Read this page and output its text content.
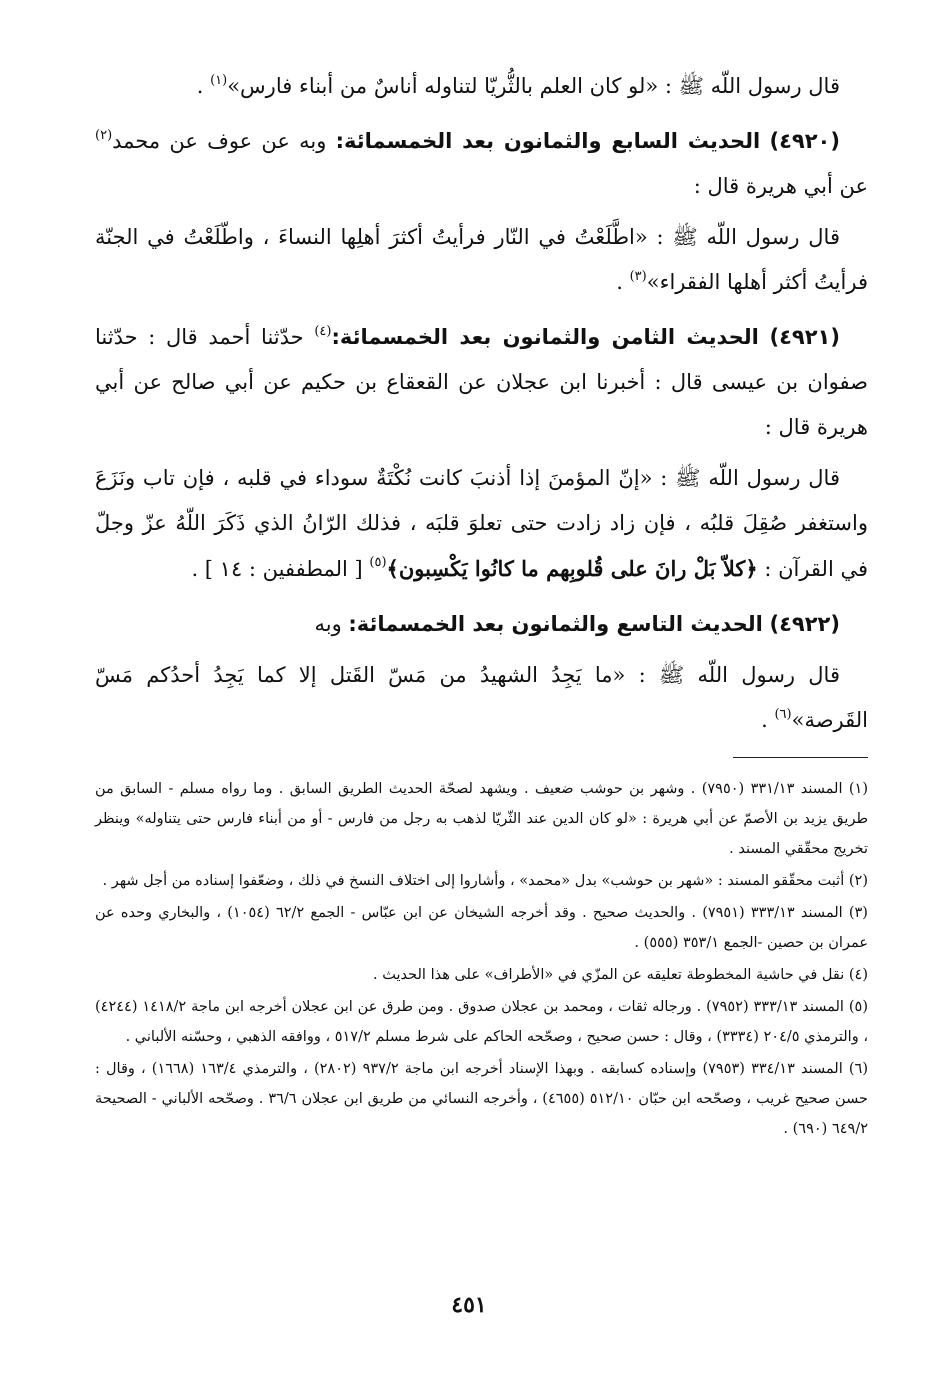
قال رسول اللّه ﷺ : «لو كان العلم بالثُّريّا لتناوله أناسٌ من أبناء فارس»$^{(١)}$ .

(٤٩٢٠) الحديث السابع والثمانون بعد الخمسمائة: وبه عن عوف عن محمد$^{(٢)}$ عن أبي هريرة قال :

قال رسول اللّه ﷺ : «اطَّلَعْتُ في النّار فرأيتُ أكثرَ أهلِها النساءَ ، واطّلَعْتُ في الجنّة فرأيتُ أكثر أهلها الفقراء»$^{(٣)}$ .

(٤٩٢١) الحديث الثامن والثمانون بعد الخمسمائة:$^{(٤)}$ حدّثنا أحمد قال : حدّثنا صفوان بن عيسى قال : أخبرنا ابن عجلان عن القعقاع بن حكيم عن أبي صالح عن أبي هريرة قال :

قال رسول اللّه ﷺ : «إنّ المؤمنَ إذا أذنبَ كانت نُكْتَةٌ سوداء في قلبه ، فإن تاب ونَزَعَ واستغفر صُقِلَ قلبُه ، فإن زاد زادت حتى تعلوَ قلبَه ، فذلك الرّانُ الذي ذَكَرَ اللّهُ عزّ وجلّ في القرآن : ﴿كلاّ بَلْ رانَ على قُلوبِهم ما كانُوا يَكْسِبون﴾$^{(٥)}$ [ المطففين : ١٤ ] .

(٤٩٢٢) الحديث التاسع والثمانون بعد الخمسمائة: وبه

قال رسول اللّه ﷺ : «ما يَجِدُ الشهيدُ من مَسّ القَتل إلا كما يَجِدُ أحدُكم مَسّ القَرصة»$^{(٦)}$ .

(١) المسند ٣٣١/١٣ (٧٩٥٠) . وشهر بن حوشب ضعيف . ويشهد لصحّة الحديث الطريق السابق . وما رواه مسلم - السابق من طريق يزيد بن الأصمّ عن أبي هريرة : «لو كان الدين عند الثّريّا لذهب به رجل من فارس - أو من أبناء فارس حتى يتناوله» وينظر تخريج محقّقي المسند .

(٢) أثبت محقّقو المسند : «شهر بن حوشب» بدل «محمد» ، وأشاروا إلى اختلاف النسخ في ذلك ، وضعّفوا إسناده من أجل شهر .

(٣) المسند ٣٣٣/١٣ (٧٩٥١) . والحديث صحيح . وقد أخرجه الشيخان عن ابن عبّاس - الجمع ٦٢/٢ (١٠٥٤) ، والبخاري وحده عن عمران بن حصين -الجمع ٣٥٣/١ (٥٥٥) .

(٤) نقل في حاشية المخطوطة تعليقه عن المزّي في «الأطراف» على هذا الحديث .

(٥) المسند ٣٣٣/١٣ (٧٩٥٢) . ورجاله ثقات ، ومحمد بن عجلان صدوق . ومن طرق عن ابن عجلان أخرجه ابن ماجة ١٤١٨/٢ (٤٢٤٤) ، والترمذي ٢٠٤/٥ (٣٣٣٤) ، وقال : حسن صحيح ، وصحّحه الحاكم على شرط مسلم ٥١٧/٢ ، ووافقه الذهبي ، وحسّنه الألباني .

(٦) المسند ٣٣٤/١٣ (٧٩٥٣) وإسناده كسابقه . وبهذا الإسناد أخرجه ابن ماجة ٩٣٧/٢ (٢٨٠٢) ، والترمذي ١٦٣/٤ (١٦٦٨) ، وقال : حسن صحيح غريب ، وصحّحه ابن حبّان ٥١٢/١٠ (٤٦٥٥) ، وأخرجه النسائي من طريق ابن عجلان ٣٦/٦ . وصحّحه الألباني - الصحيحة ٦٤٩/٢ (٦٩٠) .

٤٥١
